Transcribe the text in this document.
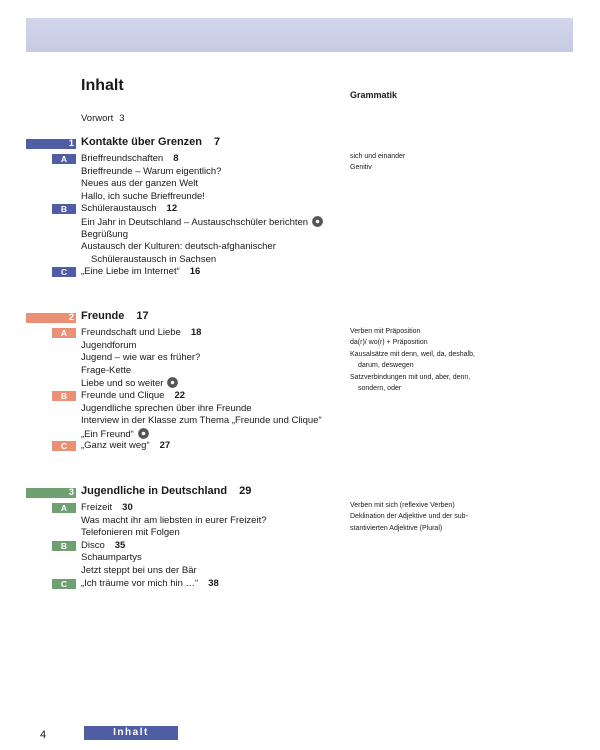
Inhalt
Grammatik
Vorwort 3
1 Kontakte über Grenzen 7
A	Brieffreundschaften 8
Brieffreunde – Warum eigentlich?
Neues aus der ganzen Welt
Hallo, ich suche Brieffreunde!
B	Schüleraustausch 12
Ein Jahr in Deutschland – Austauschschüler berichten
Begrüßung
Austausch der Kulturen: deutsch-afghanischer
Schüleraustausch in Sachsen
C	„Eine Liebe im Internet“ 16
sich und einander
Genitiv
2 Freunde 17
A	Freundschaft und Liebe 18
Jugendforum
Jugend – wie war es früher?
Frage-Kette
Liebe und so weiter
B	Freunde und Clique 22
Jugendliche sprechen über ihre Freunde
Interview in der Klasse zum Thema „Freunde und Clique“
„Ein Freund“
C	„Ganz weit weg“ 27
Verben mit Präposition
da(r)/ wo(r) + Präposition
Kausalsätze mit denn, weil, da, deshalb,
darum, deswegen
Satzverbindungen mit und, aber, denn,
sondern, oder
3 Jugendliche in Deutschland 29
A	Freizeit 30
Was macht ihr am liebsten in eurer Freizeit?
Telefonieren mit Folgen
B	Disco 35
Schaumpartys
Jetzt steppt bei uns der Bär
C	„Ich träume vor mich hin …“ 38
Verben mit sich (reflexive Verben)
Deklination der Adjektive und der sub-
stantivierten Adjektive (Plural)
4	Inhalt
